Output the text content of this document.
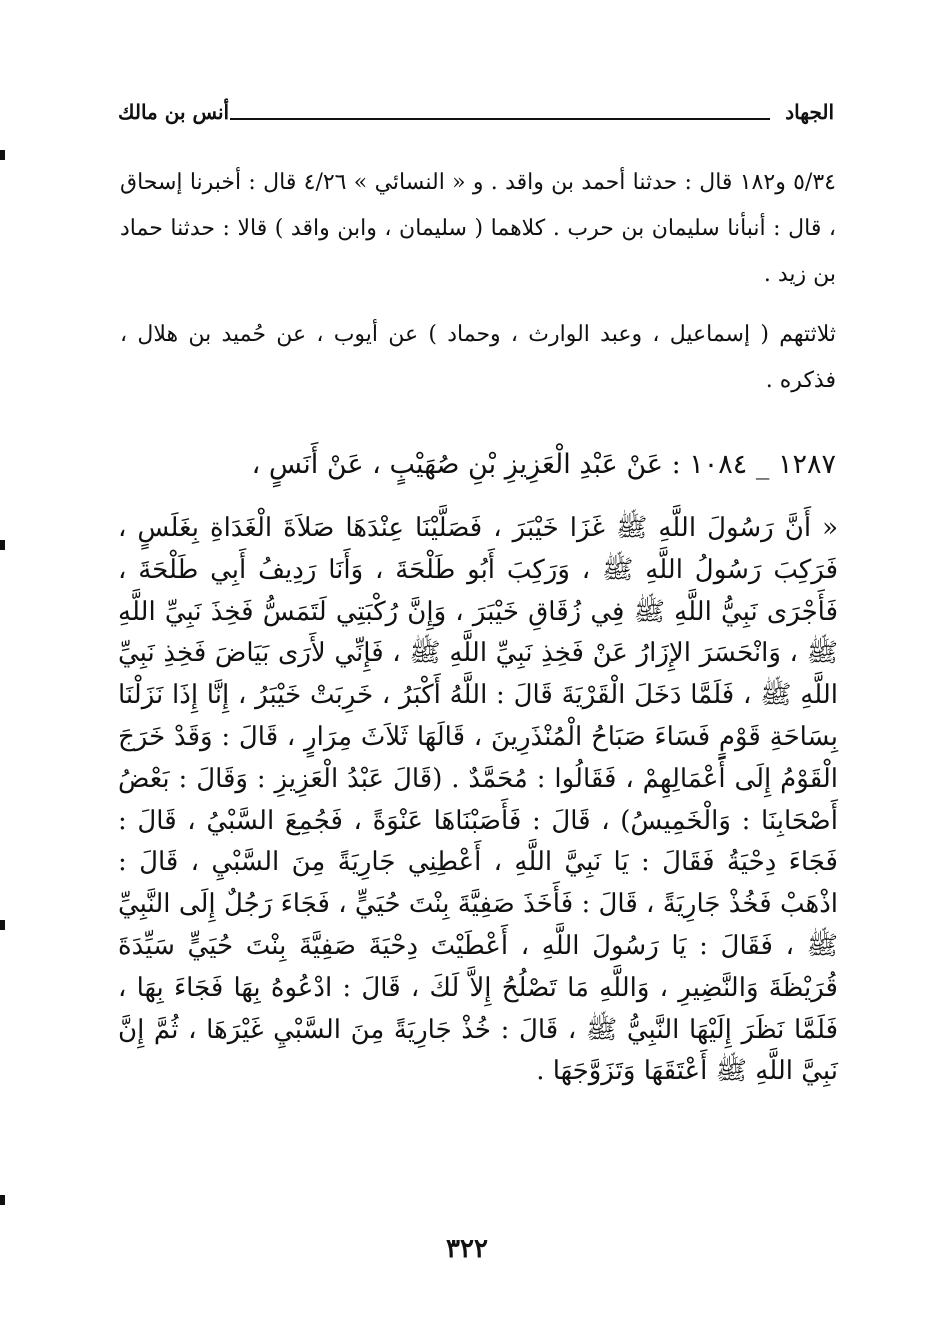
الجهاد
أنس بن مالك
٥/٣٤ و١٨٢ قال : حدثنا أحمد بن واقد . و « النسائي » ٤/٢٦ قال : أخبرنا إسحاق ، قال : أنبأنا سليمان بن حرب . كلاهما ( سليمان ، وابن واقد ) قالا : حدثنا حماد بن زيد .
ثلاثتهم ( إسماعيل ، وعبد الوارث ، وحماد ) عن أيوب ، عن حُميد بن هلال ، فذكره .
١٢٨٧ _ ١٠٨٤ : عَنْ عَبْدِ الْعَزِيزِ بْنِ صُهَيْبٍ ، عَنْ أَنَسٍ ،
« أَنَّ رَسُولَ اللَّهِ ﷺ غَزَا خَيْبَرَ ، فَصَلَّيْنَا عِنْدَهَا صَلاَةَ الْغَدَاةِ بِغَلَسٍ ، فَرَكِبَ رَسُولُ اللَّهِ ﷺ ، وَرَكِبَ أَبُو طَلْحَةَ ، وَأَنَا رَدِيفُ أَبِي طَلْحَةَ ، فَأَجْرَى نَبِيُّ اللَّهِ ﷺ فِي زُقَاقِ خَيْبَرَ ، وَإِنَّ رُكْبَتِي لَتَمَسُّ فَخِذَ نَبِيِّ اللَّهِ ﷺ ، وَانْحَسَرَ الإِزَارُ عَنْ فَخِذِ نَبِيِّ اللَّهِ ﷺ ، فَإِنِّي لأَرَى بَيَاضَ فَخِذِ نَبِيِّ اللَّهِ ﷺ ، فَلَمَّا دَخَلَ الْقَرْيَةَ قَالَ : اللَّهُ أَكْبَرُ ، خَرِبَتْ خَيْبَرُ ، إِنَّا إِذَا نَزَلْنَا بِسَاحَةِ قَوْمٍ فَسَاءَ صَبَاحُ الْمُنْذَرِينَ ، قَالَهَا ثَلاَثَ مِرَارٍ ، قَالَ : وَقَدْ خَرَجَ الْقَوْمُ إِلَى أَعْمَالِهِمْ ، فَقَالُوا : مُحَمَّدٌ . (قَالَ عَبْدُ الْعَزِيزِ : وَقَالَ : بَعْضُ أَصْحَابِنَا : وَالْخَمِيسُ) ، قَالَ : فَأَصَبْنَاهَا عَنْوَةً ، فَجُمِعَ السَّبْيُ ، قَالَ : فَجَاءَ دِحْيَةُ فَقَالَ : يَا نَبِيَّ اللَّهِ ، أَعْطِنِي جَارِيَةً مِنَ السَّبْيِ ، قَالَ : اذْهَبْ فَخُذْ جَارِيَةً ، قَالَ : فَأَخَذَ صَفِيَّةَ بِنْتَ حُيَيٍّ ، فَجَاءَ رَجُلٌ إِلَى النَّبِيِّ ﷺ ، فَقَالَ : يَا رَسُولَ اللَّهِ ، أَعْطَيْتَ دِحْيَةَ صَفِيَّةَ بِنْتَ حُيَيٍّ سَيِّدَةَ قُرَيْظَةَ وَالنَّضِيرِ ، وَاللَّهِ مَا تَصْلُحُ إِلاَّ لَكَ ، قَالَ : ادْعُوهُ بِهَا فَجَاءَ بِهَا ، فَلَمَّا نَظَرَ إِلَيْهَا النَّبِيُّ ﷺ ، قَالَ : خُذْ جَارِيَةً مِنَ السَّبْيِ غَيْرَهَا ، ثُمَّ إِنَّ نَبِيَّ اللَّهِ ﷺ أَعْتَقَهَا وَتَزَوَّجَهَا .
٣٢٢
